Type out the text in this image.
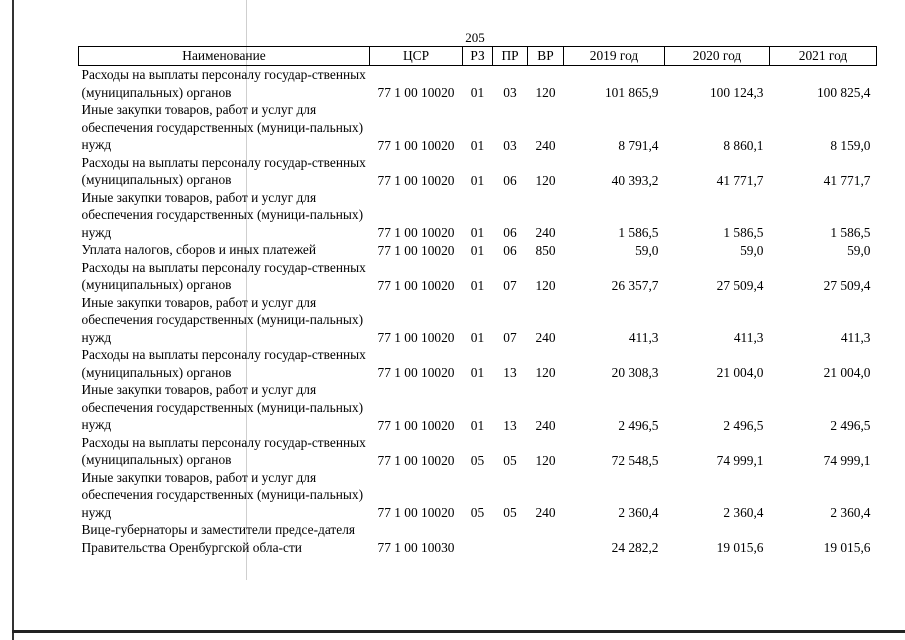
205
Наименование	ЦСР	РЗ	ПР	ВР	2019 год	2020 год	2021 год
Расходы на выплаты персоналу государ-ственных (муниципальных) органов	77 1 00 10020	01	03	120	101 865,9	100 124,3	100 825,4
Иные закупки товаров, работ и услуг для обеспечения государственных (муници-пальных) нужд	77 1 00 10020	01	03	240	8 791,4	8 860,1	8 159,0
Расходы на выплаты персоналу государ-ственных (муниципальных) органов	77 1 00 10020	01	06	120	40 393,2	41 771,7	41 771,7
Иные закупки товаров, работ и услуг для обеспечения государственных (муници-пальных) нужд	77 1 00 10020	01	06	240	1 586,5	1 586,5	1 586,5
Уплата налогов, сборов и иных платежей	77 1 00 10020	01	06	850	59,0	59,0	59,0
Расходы на выплаты персоналу государ-ственных (муниципальных) органов	77 1 00 10020	01	07	120	26 357,7	27 509,4	27 509,4
Иные закупки товаров, работ и услуг для обеспечения государственных (муници-пальных) нужд	77 1 00 10020	01	07	240	411,3	411,3	411,3
Расходы на выплаты персоналу государ-ственных (муниципальных) органов	77 1 00 10020	01	13	120	20 308,3	21 004,0	21 004,0
Иные закупки товаров, работ и услуг для обеспечения государственных (муници-пальных) нужд	77 1 00 10020	01	13	240	2 496,5	2 496,5	2 496,5
Расходы на выплаты персоналу государ-ственных (муниципальных) органов	77 1 00 10020	05	05	120	72 548,5	74 999,1	74 999,1
Иные закупки товаров, работ и услуг для обеспечения государственных (муници-пальных) нужд	77 1 00 10020	05	05	240	2 360,4	2 360,4	2 360,4
Вице-губернаторы и заместители предсе-дателя Правительства Оренбургской обла-сти	77 1 00 10030				24 282,2	19 015,6	19 015,6
